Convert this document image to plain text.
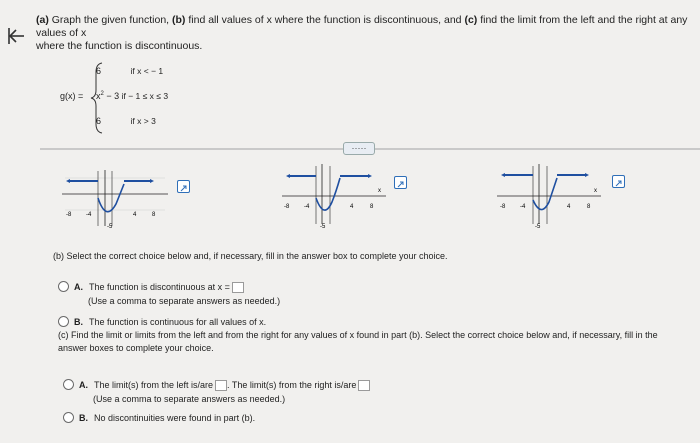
(a) Graph the given function, (b) find all values of x where the function is discontinuous, and (c) find the limit from the left and the right at any values of x
where the function is discontinuous.
g(x) =
6	if x < − 1
$x^2 - 3$ if − 1 ≤ x ≤ 3
6	if x > 3
·····
-8 -4	4	8
-5
x
-8 -4	4	8
-5
x
-8 -4	4	8
-5
(b) Select the correct choice below and, if necessary, fill in the answer box to complete your choice.
A. The function is discontinuous at x =
(Use a comma to separate answers as needed.)
B. The function is continuous for all values of x.
(c) Find the limit or limits from the left and from the right for any values of x found in part (b). Select the correct choice below and, if necessary, fill in the
answer boxes to complete your choice.
A. The limit(s) from the left is/are . The limit(s) from the right is/are
(Use a comma to separate answers as needed.)
B. No discontinuities were found in part (b).
